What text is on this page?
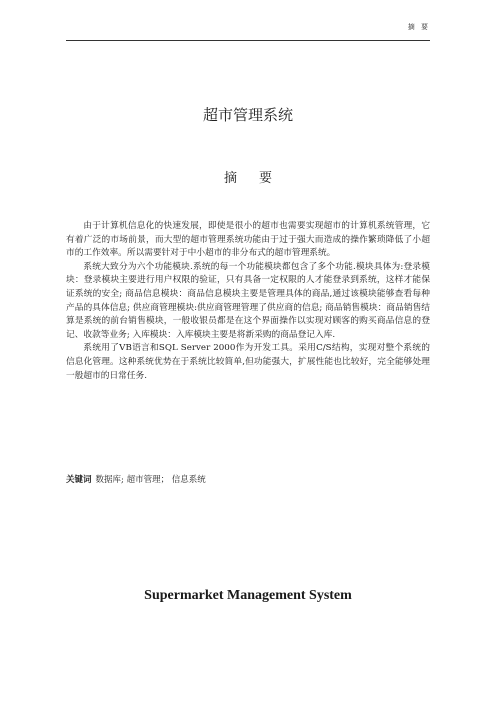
摘 要
超市管理系统
摘要

由于计算机信息化的快速发展，即使是很小的超市也需要实现超市的计算机系统管理，它有着广泛的市场前景，而大型的超市管理系统功能由于过于强大而造成的操作繁琐降低了小超市的工作效率。所以需要针对于中小超市的非分布式的超市管理系统。

系统大致分为六个功能模块.系统的每一个功能模块都包含了多个功能.模块具体为:登录模块：登录模块主要进行用户权限的验证，只有具备一定权限的人才能登录到系统，这样才能保证系统的安全; 商品信息模块：商品信息模块主要是管理具体的商品,通过该模块能够查看每种产品的具体信息; 供应商管理模块:供应商管理管理了供应商的信息; 商品销售模块：商品销售结算是系统的前台销售模块，一般收银员都是在这个界面操作以实现对顾客的购买商品信息的登记、收款等业务; 入库模块：入库模块主要是将新采购的商品登记入库.

系统用了VB语言和SQL Server 2000作为开发工具。采用C/S结构，实现对整个系统的信息化管理。这种系统优势在于系统比较简单,但功能强大，扩展性能也比较好，完全能够处理一般超市的日常任务.

关键词 数据库; 超市管理； 信息系统
Supermarket Management System
